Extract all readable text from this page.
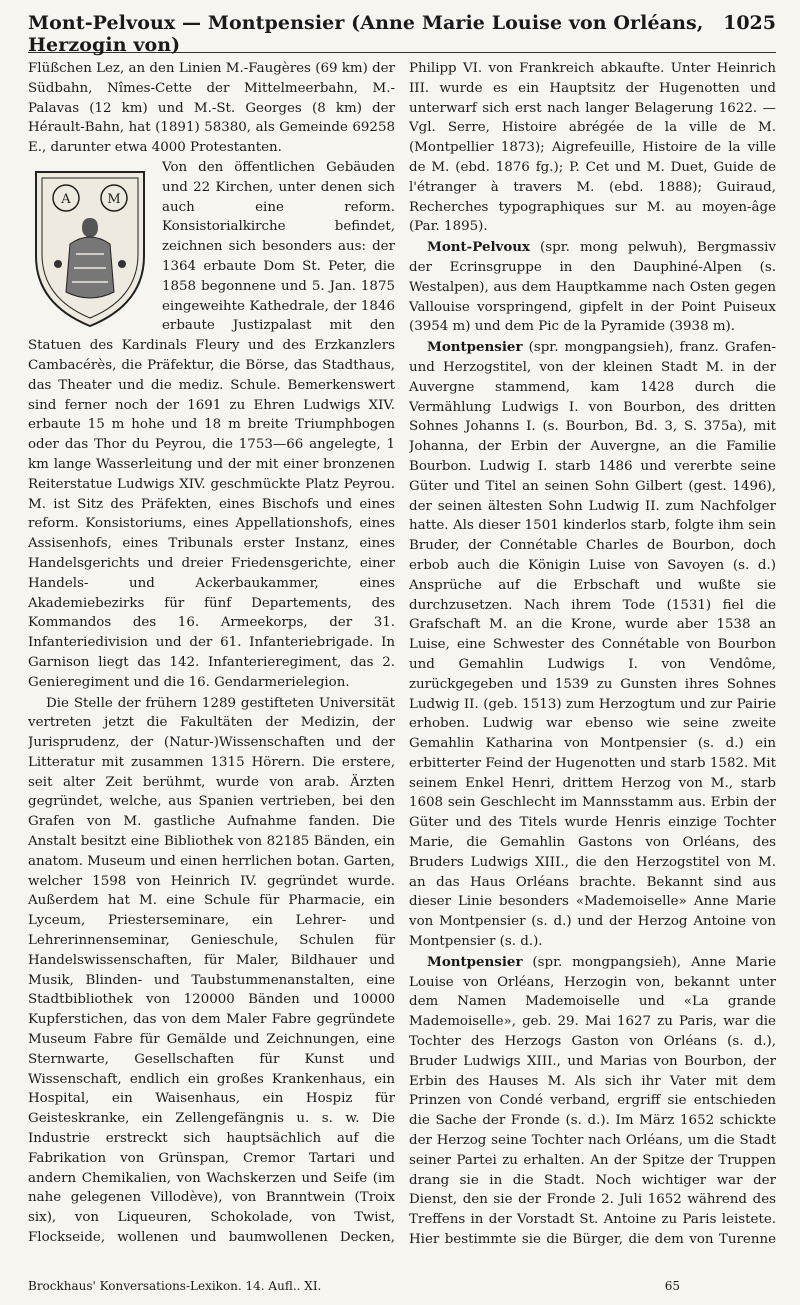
Mont-Pelvoux — Montpensier (Anne Marie Louise von Orléans, Herzogin von)
1025

Flüßchen Lez, an den Linien M.-Faugères (69 km) der Südbahn, Nîmes-Cette der Mittelmeerbahn, M.-Palavas (12 km) und M.-St. Georges (8 km) der Hérault-Bahn, hat (1891) 58380, als Gemeinde 69258 E., darunter etwa 4000 Protestanten.

A	M

Von den öffentlichen Gebäuden und 22 Kirchen, unter denen sich auch eine reform. Konsistorialkirche befindet, zeichnen sich besonders aus: der 1364 erbaute Dom St. Peter, die 1858 begonnene und 5. Jan. 1875 eingeweihte Kathedrale, der 1846 erbaute Justizpalast mit den Statuen des Kardinals Fleury und des Erzkanzlers Cambacérès, die Präfektur, die Börse, das Stadthaus, das Theater und die mediz. Schule. Bemerkenswert sind ferner noch der 1691 zu Ehren Ludwigs XIV. erbaute 15 m hohe und 18 m breite Triumphbogen oder das Thor du Peyrou, die 1753—66 angelegte, 1 km lange Wasserleitung und der mit einer bronzenen Reiterstatue Ludwigs XIV. geschmückte Platz Peyrou. M. ist Sitz des Präfekten, eines Bischofs und eines reform. Konsistoriums, eines Appellationshofs, eines Assisenhofs, eines Tribunals erster Instanz, eines Handelsgerichts und dreier Friedensgerichte, einer Handels- und Ackerbaukammer, eines Akademiebezirks für fünf Departements, des Kommandos des 16. Armeekorps, der 31. Infanteriedivision und der 61. Infanteriebrigade. In Garnison liegt das 142. Infanterieregiment, das 2. Genieregiment und die 16. Gendarmerielegion.

Die Stelle der frühern 1289 gestifteten Universität vertreten jetzt die Fakultäten der Medizin, der Jurisprudenz, der (Natur-)Wissenschaften und der Litteratur mit zusammen 1315 Hörern. Die erstere, seit alter Zeit berühmt, wurde von arab. Ärzten gegründet, welche, aus Spanien vertrieben, bei den Grafen von M. gastliche Aufnahme fanden. Die Anstalt besitzt eine Bibliothek von 82185 Bänden, ein anatom. Museum und einen herrlichen botan. Garten, welcher 1598 von Heinrich IV. gegründet wurde. Außerdem hat M. eine Schule für Pharmacie, ein Lyceum, Priesterseminare, ein Lehrer- und Lehrerinnenseminar, Genieschule, Schulen für Handelswissenschaften, für Maler, Bildhauer und Musik, Blinden- und Taubstummenanstalten, eine Stadtbibliothek von 120000 Bänden und 10000 Kupferstichen, das von dem Maler Fabre gegründete Museum Fabre für Gemälde und Zeichnungen, eine Sternwarte, Gesellschaften für Kunst und Wissenschaft, endlich ein großes Krankenhaus, ein Hospital, ein Waisenhaus, ein Hospiz für Geisteskranke, ein Zellengefängnis u. s. w. Die Industrie erstreckt sich hauptsächlich auf die Fabrikation von Grünspan, Cremor Tartari und andern Chemikalien, von Wachskerzen und Seife (im nahe gelegenen Villodève), von Branntwein (Troix six), von Liqueuren, Schokolade, von Twist, Flockseide, wollenen und baumwollenen Decken,

Philipp VI. von Frankreich abkaufte. Unter Heinrich III. wurde es ein Hauptsitz der Hugenotten und unterwarf sich erst nach langer Belagerung 1622. — Vgl. Serre, Histoire abrégée de la ville de M. (Montpellier 1873); Aigrefeuille, Histoire de la ville de M. (ebd. 1876 fg.); P. Cet und M. Duet, Guide de l'étranger à travers M. (ebd. 1888); Guiraud, Recherches typographiques sur M. au moyen-âge (Par. 1895).

Mont-Pelvoux (spr. mong pelwuh), Bergmassiv der Ecrinsgruppe in den Dauphiné-Alpen (s. Westalpen), aus dem Hauptkamme nach Osten gegen Vallouise vorspringend, gipfelt in der Point Puiseux (3954 m) und dem Pic de la Pyramide (3938 m).

Montpensier (spr. mongpangsieh), franz. Grafen- und Herzogstitel, von der kleinen Stadt M. in der Auvergne stammend, kam 1428 durch die Vermählung Ludwigs I. von Bourbon, des dritten Sohnes Johanns I. (s. Bourbon, Bd. 3, S. 375a), mit Johanna, der Erbin der Auvergne, an die Familie Bourbon. Ludwig I. starb 1486 und vererbte seine Güter und Titel an seinen Sohn Gilbert (gest. 1496), der seinen ältesten Sohn Ludwig II. zum Nachfolger hatte. Als dieser 1501 kinderlos starb, folgte ihm sein Bruder, der Connétable Charles de Bourbon, doch erbob auch die Königin Luise von Savoyen (s. d.) Ansprüche auf die Erbschaft und wußte sie durchzusetzen. Nach ihrem Tode (1531) fiel die Grafschaft M. an die Krone, wurde aber 1538 an Luise, eine Schwester des Connétable von Bourbon und Gemahlin Ludwigs I. von Vendôme, zurückgegeben und 1539 zu Gunsten ihres Sohnes Ludwig II. (geb. 1513) zum Herzogtum und zur Pairie erhoben. Ludwig war ebenso wie seine zweite Gemahlin Katharina von Montpensier (s. d.) ein erbitterter Feind der Hugenotten und starb 1582. Mit seinem Enkel Henri, drittem Herzog von M., starb 1608 sein Geschlecht im Mannsstamm aus. Erbin der Güter und des Titels wurde Henris einzige Tochter Marie, die Gemahlin Gastons von Orléans, des Bruders Ludwigs XIII., die den Herzogstitel von M. an das Haus Orléans brachte. Bekannt sind aus dieser Linie besonders «Mademoiselle» Anne Marie von Montpensier (s. d.) und der Herzog Antoine von Montpensier (s. d.).

Montpensier (spr. mongpangsieh), Anne Marie Louise von Orléans, Herzogin von, bekannt unter dem Namen Mademoiselle und «La grande Mademoiselle», geb. 29. Mai 1627 zu Paris, war die Tochter des Herzogs Gaston von Orléans (s. d.), Bruder Ludwigs XIII., und Marias von Bourbon, der Erbin des Hauses M. Als sich ihr Vater mit dem Prinzen von Condé verband, ergriff sie entschieden die Sache der Fronde (s. d.). Im März 1652 schickte der Herzog seine Tochter nach Orléans, um die Stadt seiner Partei zu erhalten. An der Spitze der Truppen drang sie in die Stadt. Noch wichtiger war der Dienst, den sie der Fronde 2. Juli 1652 während des Treffens in der Vorstadt St. Antoine zu Paris leistete. Hier bestimmte sie die Bürger, die dem von Turenne

Brockhaus' Konversations-Lexikon. 14. Aufl.. XI.	65
